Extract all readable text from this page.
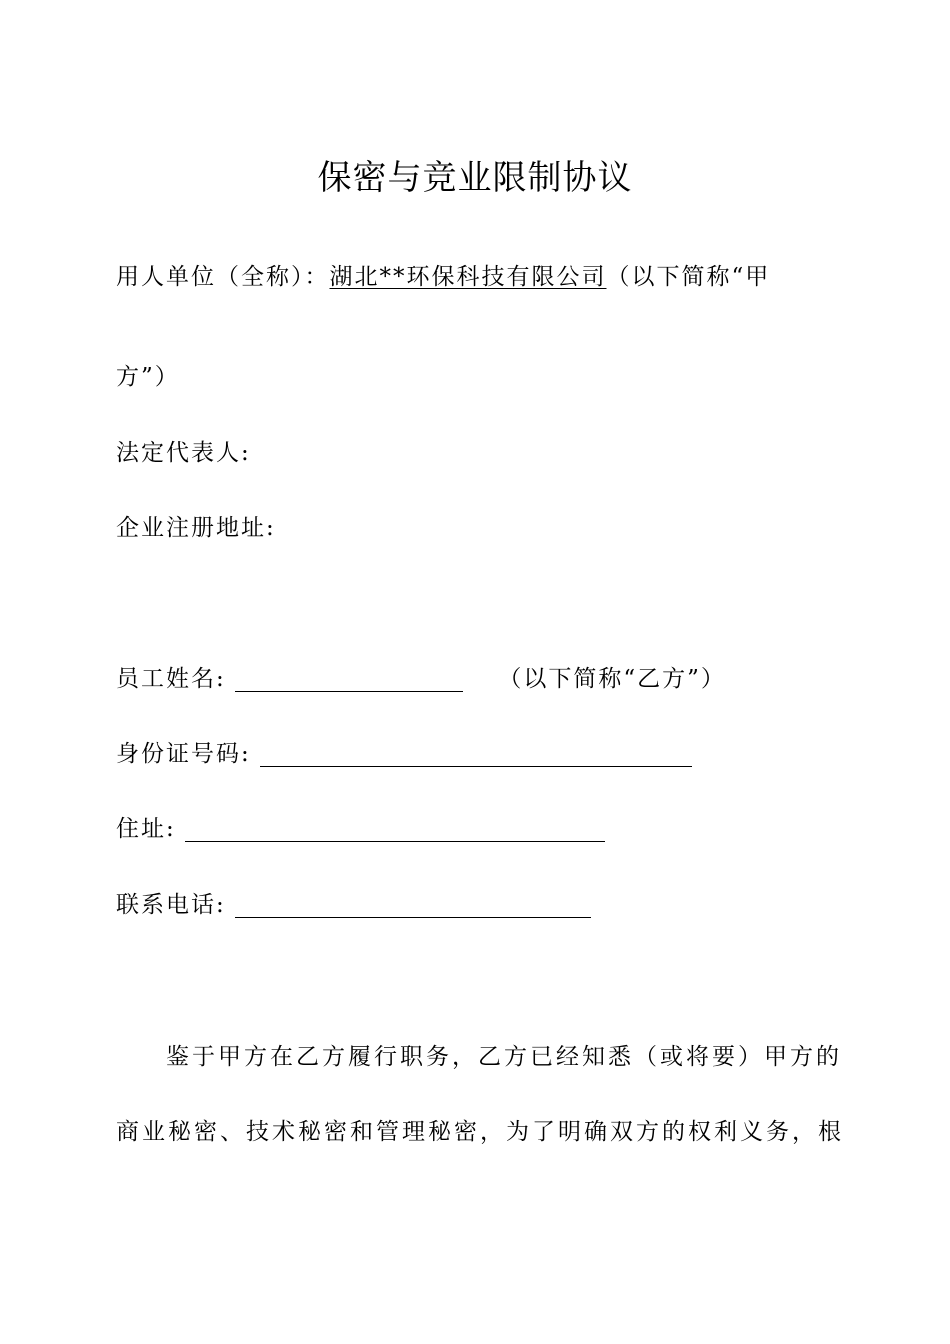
保密与竞业限制协议
用人单位（全称）：湖北**环保科技有限公司（以下简称“甲
方”）
法定代表人:
企业注册地址:
员工姓名:	（以下简称“乙方”）
身份证号码:
住址:
联系电话:
鉴于甲方在乙方履行职务，乙方已经知悉（或将要）甲方的
商业秘密、技术秘密和管理秘密，为了明确双方的权利义务，根
